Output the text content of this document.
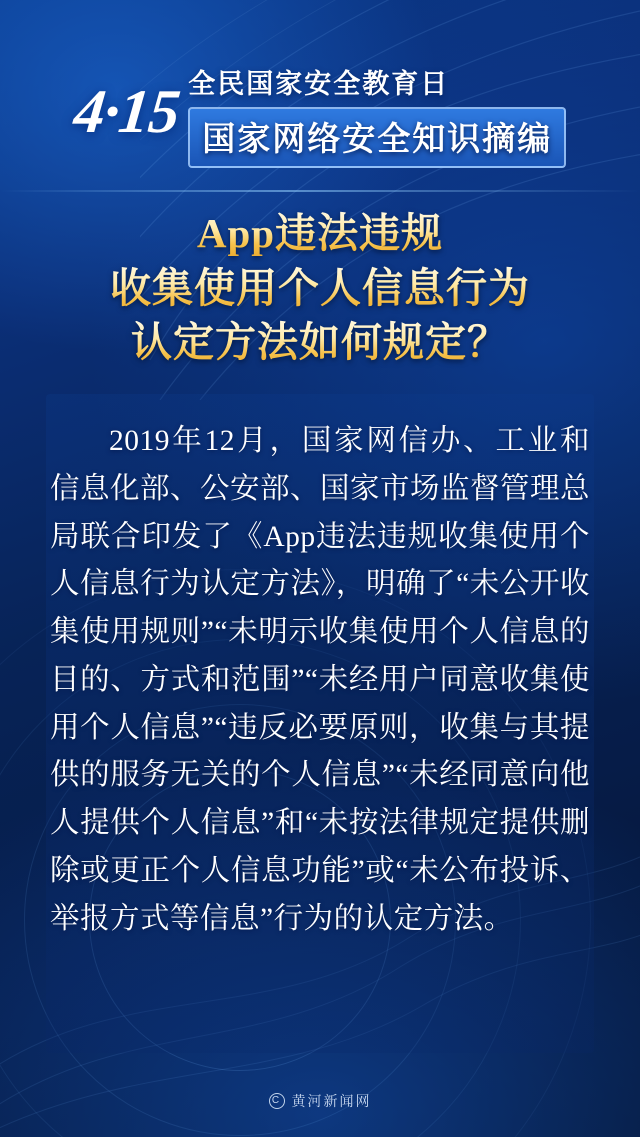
4·15 全民国家安全教育日
国家网络安全知识摘编
App违法违规
收集使用个人信息行为
认定方法如何规定？
2019年12月，国家网信办、工业和信息化部、公安部、国家市场监督管理总局联合印发了《App违法违规收集使用个人信息行为认定方法》，明确了“未公开收集使用规则”“未明示收集使用个人信息的目的、方式和范围”“未经用户同意收集使用个人信息”“违反必要原则，收集与其提供的服务无关的个人信息”“未经同意向他人提供个人信息”和“未按法律规定提供删除或更正个人信息功能”或“未公布投诉、举报方式等信息”行为的认定方法。
C 黄河新闻网
